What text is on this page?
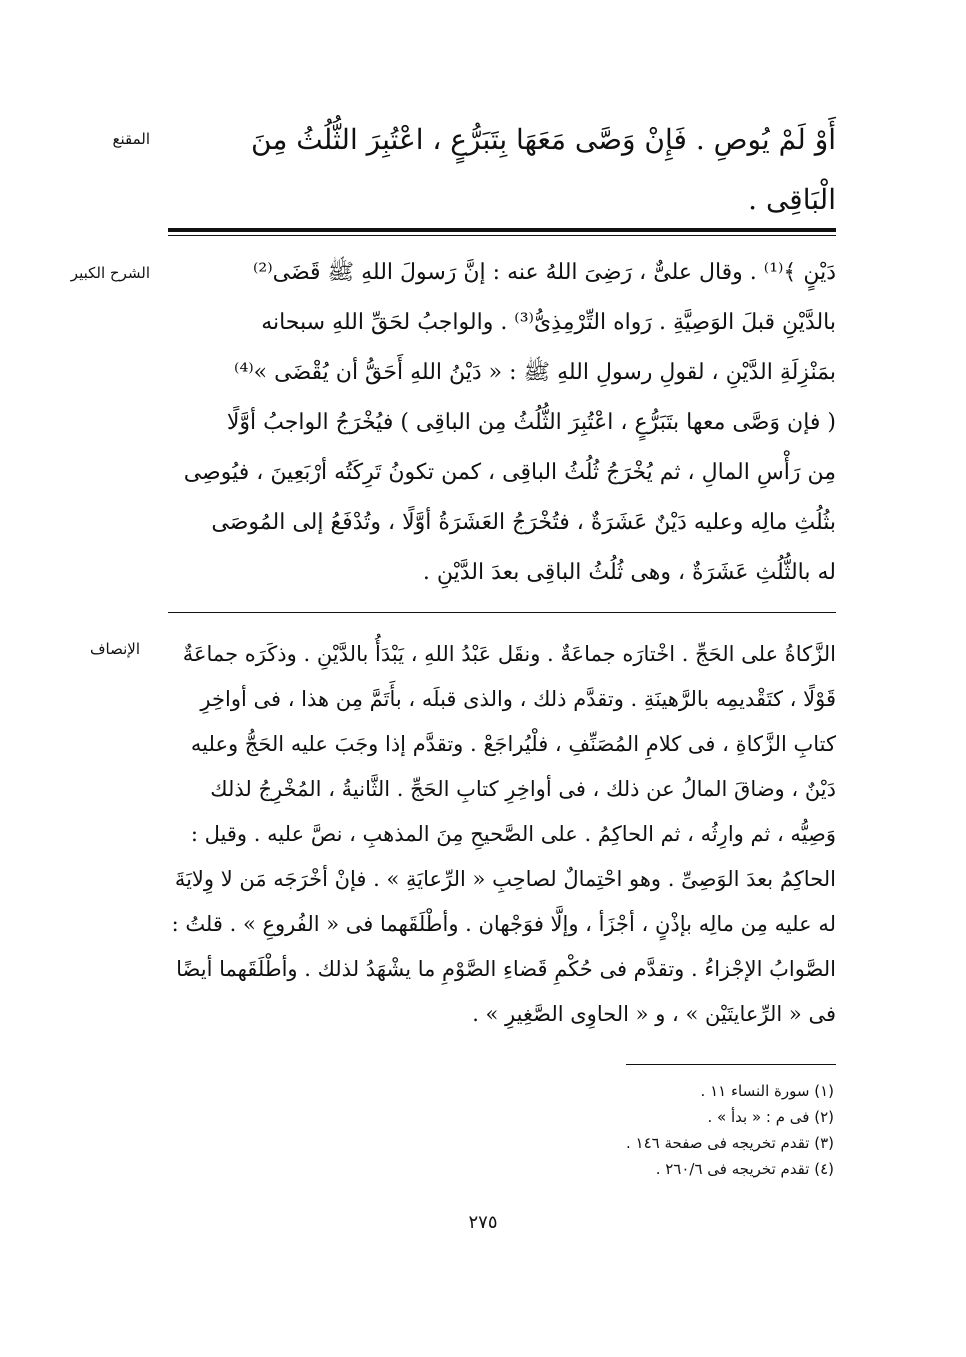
المقنع
الشرح الكبير
الإنصاف
أَوْ لَمْ يُوصِ . فَإِنْ وَصَّى مَعَهَا بِتَبَرُّعٍ ، اعْتُبِرَ الثُّلُثُ مِنَ
الْبَاقِى .
دَيْنٍ ﴾⁽¹⁾ . وقال علىٌّ ، رَضِىَ اللهُ عنه : إنَّ رَسولَ اللهِ ﷺ قَضَى⁽²⁾
بالدَّيْنِ قبلَ الوَصِيَّةِ . رَواه التِّرْمِذِىُّ⁽³⁾ . والواجبُ لحَقِّ اللهِ سبحانه
بمَنْزِلَةِ الدَّيْنِ ، لقولِ رسولِ اللهِ ﷺ : « دَيْنُ اللهِ أَحَقُّ أن يُقْضَى »⁽⁴⁾
( فإن وَصَّى معها بتَبَرُّعٍ ، اعْتُبِرَ الثُّلُثُ مِن الباقِى ) فيُخْرَجُ الواجبُ أوَّلًا
مِن رَأْسِ المالِ ، ثم يُخْرَجُ ثُلُثُ الباقِى ، كمن تكونُ تَرِكَتُه أرْبَعِينَ ، فيُوصِى
بثُلُثِ مالِه وعليه دَيْنٌ عَشَرَةٌ ، فتُخْرَجُ العَشَرَةُ أوَّلًا ، وتُدْفَعُ إلى المُوصَى
له بالثُّلُثِ عَشَرَةٌ ، وهى ثُلُثُ الباقِى بعدَ الدَّيْنِ .
الزَّكاةُ على الحَجِّ . اخْتارَه جماعَةٌ . ونقَل عَبْدُ اللهِ ، يَبْدَأُ بالدَّيْنِ . وذكَرَه جماعَةٌ
قَوْلًا ، كتَقْديمِه بالرَّهينَةِ . وتقدَّم ذلك ، والذى قبلَه ، بأَتَمَّ مِن هذا ، فى أواخِرِ
كتابِ الزَّكاةِ ، فى كلامِ المُصَنِّفِ ، فلْيُراجَعْ . وتقدَّم إذا وجَبَ عليه الحَجُّ وعليه
دَيْنٌ ، وضاقَ المالُ عن ذلك ، فى أواخِرِ كتابِ الحَجِّ . الثَّانيةُ ، المُخْرِجُ لذلك
وَصِيُّه ، ثم وارِثُه ، ثم الحاكِمُ . على الصَّحيحِ مِنَ المذهبِ ، نصَّ عليه . وقيل :
الحاكِمُ بعدَ الوَصِىِّ . وهو احْتِمالٌ لصاحِبِ « الرِّعايَةِ » . فإنْ أخْرَجَه مَن لا وِلايَةَ
له عليه مِن مالِه بإذْنٍ ، أجْزَأ ، وإلَّا فوَجْهان . وأطْلَقَهما فى « الفُروعِ » . قلتُ :
الصَّوابُ الإجْزاءُ . وتقدَّم فى حُكْمِ قَضاءِ الصَّوْمِ ما يشْهَدُ لذلك . وأطْلَقَهما أيضًا
فى « الرِّعايتَيْن » ، و « الحاوِى الصَّغِيرِ » .
(١) سورة النساء ١١ .
(٢) فى م : « بدأ » .
(٣) تقدم تخريجه فى صفحة ١٤٦ .
(٤) تقدم تخريجه فى ٢٦٠/٦ .
٢٧٥
